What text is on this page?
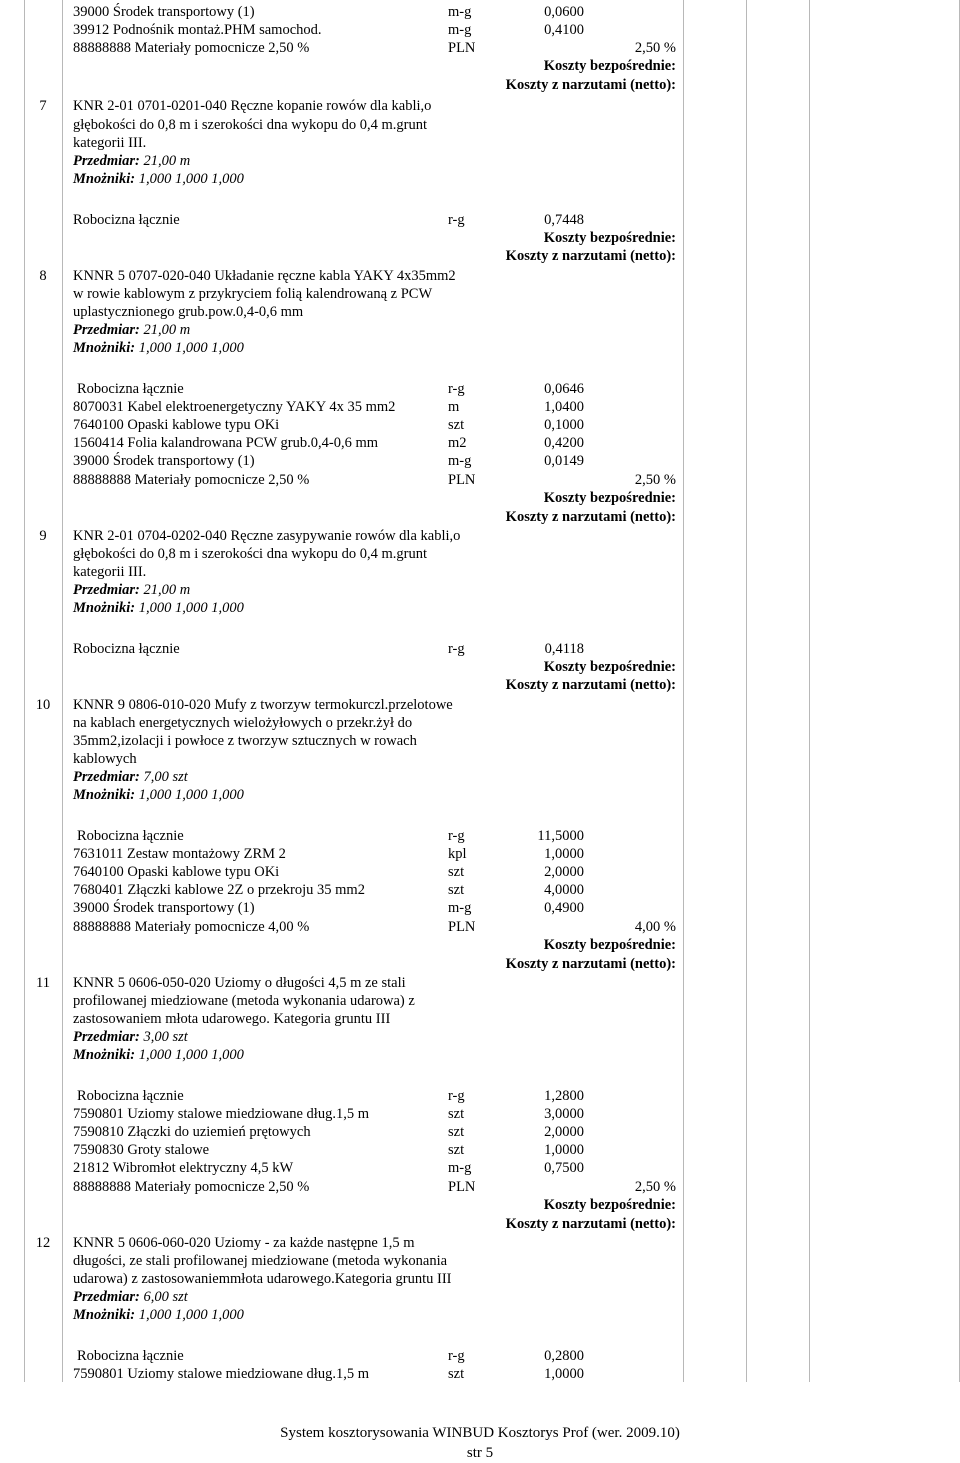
39000 Środek transportowy (1)	m-g	0,0600
39912 Podnośnik montaż.PHM samochod.	m-g	0,4100
88888888 Materiały pomocnicze 2,50 %	PLN	2,50 %
Koszty bezpośrednie:
Koszty z narzutami (netto):
7	KNR 2-01 0701-0201-040 Ręczne kopanie rowów dla kabli,o
głębokości do 0,8 m i szerokości dna wykopu do 0,4 m.grunt
kategorii III.
Przedmiar: 21,00 m
Mnożniki: 1,000 1,000 1,000
Robocizna łącznie	r-g	0,7448
Koszty bezpośrednie:
Koszty z narzutami (netto):
8	KNNR 5 0707-020-040 Układanie ręczne kabla YAKY 4x35mm2
w rowie kablowym z przykryciem folią kalendrowaną z PCW
uplastycznionego grub.pow.0,4-0,6 mm
Przedmiar: 21,00 m
Mnożniki: 1,000 1,000 1,000
Robocizna łącznie	r-g	0,0646
8070031 Kabel elektroenergetyczny YAKY 4x 35 mm2	m	1,0400
7640100 Opaski kablowe typu OKi	szt	0,1000
1560414 Folia kalandrowana PCW grub.0,4-0,6 mm	m2	0,4200
39000 Środek transportowy (1)	m-g	0,0149
88888888 Materiały pomocnicze 2,50 %	PLN	2,50 %
Koszty bezpośrednie:
Koszty z narzutami (netto):
9	KNR 2-01 0704-0202-040 Ręczne zasypywanie rowów dla kabli,o
głębokości do 0,8 m i szerokości dna wykopu do 0,4 m.grunt
kategorii III.
Przedmiar: 21,00 m
Mnożniki: 1,000 1,000 1,000
Robocizna łącznie	r-g	0,4118
Koszty bezpośrednie:
Koszty z narzutami (netto):
10	KNNR 9 0806-010-020 Mufy z tworzyw termokurczl.przelotowe
na kablach energetycznych wielożyłowych o przekr.żył do
35mm2,izolacji i powłoce z tworzyw sztucznych w rowach
kablowych
Przedmiar: 7,00 szt
Mnożniki: 1,000 1,000 1,000
Robocizna łącznie	r-g	11,5000
7631011 Zestaw montażowy ZRM 2	kpl	1,0000
7640100 Opaski kablowe typu OKi	szt	2,0000
7680401 Złączki kablowe 2Z o przekroju 35 mm2	szt	4,0000
39000 Środek transportowy (1)	m-g	0,4900
88888888 Materiały pomocnicze 4,00 %	PLN	4,00 %
Koszty bezpośrednie:
Koszty z narzutami (netto):
11	KNNR 5 0606-050-020 Uziomy o długości 4,5 m ze stali
profilowanej miedziowane (metoda wykonania udarowa) z
zastosowaniem młota udarowego. Kategoria gruntu III
Przedmiar: 3,00 szt
Mnożniki: 1,000 1,000 1,000
Robocizna łącznie	r-g	1,2800
7590801 Uziomy stalowe miedziowane dług.1,5 m	szt	3,0000
7590810 Złączki do uziemień prętowych	szt	2,0000
7590830 Groty stalowe	szt	1,0000
21812 Wibromłot elektryczny 4,5 kW	m-g	0,7500
88888888 Materiały pomocnicze 2,50 %	PLN	2,50 %
Koszty bezpośrednie:
Koszty z narzutami (netto):
12	KNNR 5 0606-060-020 Uziomy - za każde następne 1,5 m
długości, ze stali profilowanej miedziowane (metoda wykonania
udarowa) z zastosowaniemmłota udarowego.Kategoria gruntu III
Przedmiar: 6,00 szt
Mnożniki: 1,000 1,000 1,000
Robocizna łącznie	r-g	0,2800
7590801 Uziomy stalowe miedziowane dług.1,5 m	szt	1,0000
System kosztorysowania WINBUD Kosztorys Prof (wer. 2009.10)
str 5
